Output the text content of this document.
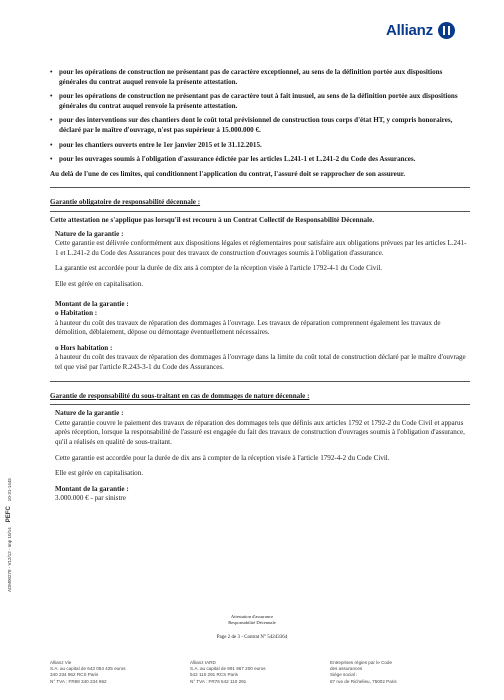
Allianz
• pour les opérations de construction ne présentant pas de caractère exceptionnel, au sens de la définition portée aux dispositions générales du contrat auquel renvoie la présente attestation.
• pour les opérations de construction ne présentant pas de caractère tout à fait inusuel, au sens de la définition portée aux dispositions générales du contrat auquel renvoie la présente attestation.
• pour des interventions sur des chantiers dont le coût total prévisionnel de construction tous corps d'état HT, y compris honoraires, déclaré par le maître d'ouvrage, n'est pas supérieur à 15.000.000 €.
• pour les chantiers ouverts entre le 1er janvier 2015 et le 31.12.2015.
• pour les ouvrages soumis à l'obligation d'assurance édictée par les articles L.241-1 et L.241-2 du Code des Assurances.
Au delà de l'une de ces limites, qui conditionnent l'application du contrat, l'assuré doit se rapprocher de son assureur.
Garantie obligatoire de responsabilité décennale :
Cette attestation ne s'applique pas lorsqu'il est recouru à un Contrat Collectif de Responsabilité Décennale.
Nature de la garantie :

Cette garantie est délivrée conformément aux dispositions légales et réglementaires pour satisfaire aux obligations prévues par les articles L.241-1 et L.241-2 du Code des Assurances pour des travaux de construction d'ouvrages soumis à l'obligation d'assurance.

La garantie est accordée pour la durée de dix ans à compter de la réception visée à l'article 1792-4-1 du Code Civil.

Elle est gérée en capitalisation.

Montant de la garantie :
o Habitation :

à hauteur du coût des travaux de réparation des dommages à l'ouvrage. Les travaux de réparation comprennent également les travaux de démolition, déblaiement, dépose ou démontage éventuellement nécessaires.

o Hors habitation :

à hauteur du coût des travaux de réparation des dommages à l'ouvrage dans la limite du coût total de construction déclaré par le maître d'ouvrage tel que visé par l'article R.243-3-1 du Code des Assurances.

Garantie de responsabilité du sous-traitant en cas de dommages de nature décennale :
Nature de la garantie :

Cette garantie couvre le paiement des travaux de réparation des dommages tels que définis aux articles 1792 et 1792-2 du Code Civil et apparus après réception, lorsque la responsabilité de l'assuré est engagée du fait des travaux de construction d'ouvrages soumis à l'obligation d'assurance, qu'il a réalisés en qualité de sous-traitant.

Cette garantie est accordée pour la durée de dix ans à compter de la réception visée à l'article 1792-4-2 du Code Civil.

Elle est gérée en capitalisation.

Montant de la garantie :

3.000.000 € - par sinistre

ADM00278 - V12/12 - Imp 10/14
PEFC
10-31-1445
Attestation d'assurance
Responsabilité Décennale
Page 2 de 3 - Contrat N° 54243364
Allianz Vie
S.A. au capital de 643 054 425 euros
340 234 962 RCS Paris
N° TVA : FR88 340 234 962
Allianz IARD
S.A. au capital de 991 967 200 euros
542 110 291 RCS Paris
N° TVA : FR76 542 110 291
Entreprises régies par le Code
des assurances
Siège social :
87 rue de Richelieu, 75002 Paris
